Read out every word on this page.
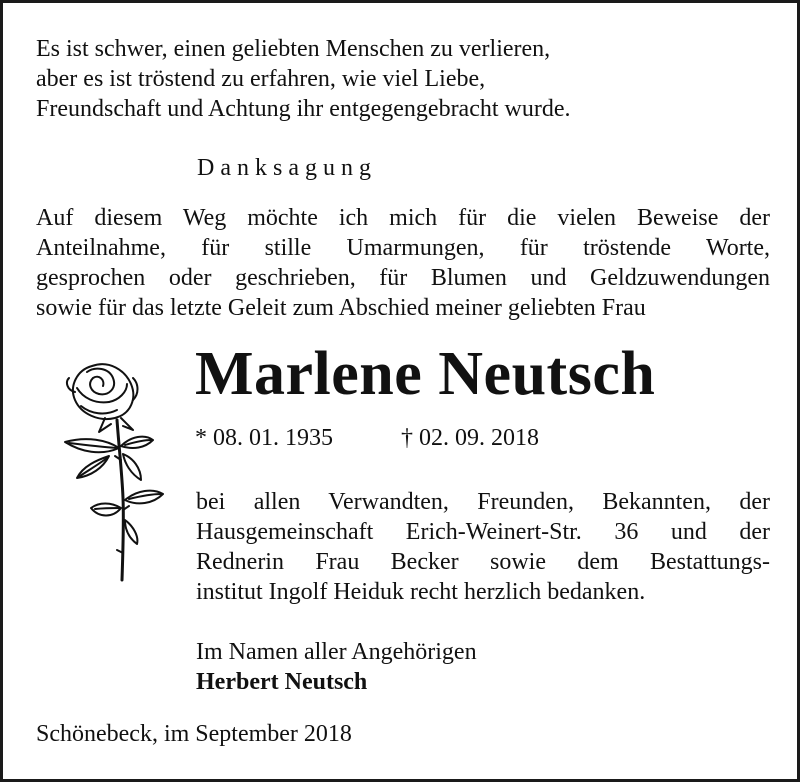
Es ist schwer, einen geliebten Menschen zu verlieren,
aber es ist tröstend zu erfahren, wie viel Liebe,
Freundschaft und Achtung ihr entgegengebracht wurde.
Danksagung
Auf diesem Weg möchte ich mich für die vielen Beweise der
Anteilnahme, für stille Umarmungen, für tröstende Worte,
gesprochen oder geschrieben, für Blumen und Geldzuwendungen
sowie für das letzte Geleit zum Abschied meiner geliebten Frau
Marlene Neutsch
* 08. 01. 1935	† 02. 09. 2018
bei allen Verwandten, Freunden, Bekannten, der
Hausgemeinschaft Erich-Weinert-Str. 36 und der
Rednerin Frau Becker sowie dem Bestattungs-
institut Ingolf Heiduk recht herzlich bedanken.
Im Namen aller Angehörigen
Herbert Neutsch
Schönebeck, im September 2018
